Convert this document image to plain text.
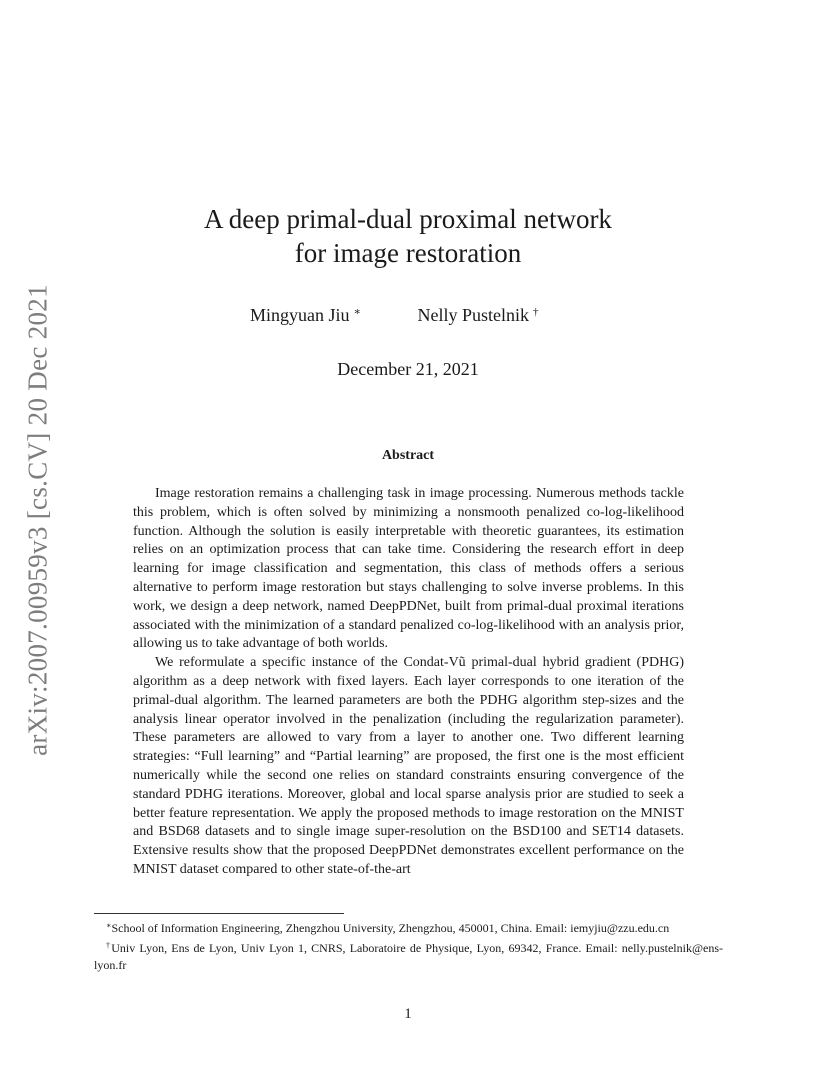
arXiv:2007.00959v3 [cs.CV] 20 Dec 2021
A deep primal-dual proximal network
for image restoration
Mingyuan Jiu ∗	Nelly Pustelnik †
December 21, 2021
Abstract

Image restoration remains a challenging task in image processing. Numerous methods tackle this problem, which is often solved by minimizing a nonsmooth penalized co-log-likelihood function. Although the solution is easily interpretable with theoretic guarantees, its estimation relies on an optimization process that can take time. Considering the research effort in deep learning for image classification and segmentation, this class of methods offers a serious alternative to perform image restoration but stays challenging to solve inverse problems. In this work, we design a deep network, named DeepPDNet, built from primal-dual proximal iterations associated with the minimization of a standard penalized co-log-likelihood with an analysis prior, allowing us to take advantage of both worlds.

We reformulate a specific instance of the Condat-Vũ primal-dual hybrid gradient (PDHG) algorithm as a deep network with fixed layers. Each layer corresponds to one iteration of the primal-dual algorithm. The learned parameters are both the PDHG algorithm step-sizes and the analysis linear operator involved in the penalization (including the regularization parameter). These parameters are allowed to vary from a layer to another one. Two different learning strategies: “Full learning” and “Partial learning” are proposed, the first one is the most efficient numerically while the second one relies on standard constraints ensuring convergence of the standard PDHG iterations. Moreover, global and local sparse analysis prior are studied to seek a better feature representation. We apply the proposed methods to image restoration on the MNIST and BSD68 datasets and to single image super-resolution on the BSD100 and SET14 datasets. Extensive results show that the proposed DeepPDNet demonstrates excellent performance on the MNIST dataset compared to other state-of-the-art

∗School of Information Engineering, Zhengzhou University, Zhengzhou, 450001, China. Email: iemyjiu@zzu.edu.cn

†Univ Lyon, Ens de Lyon, Univ Lyon 1, CNRS, Laboratoire de Physique, Lyon, 69342, France. Email: nelly.pustelnik@ens-lyon.fr

1
